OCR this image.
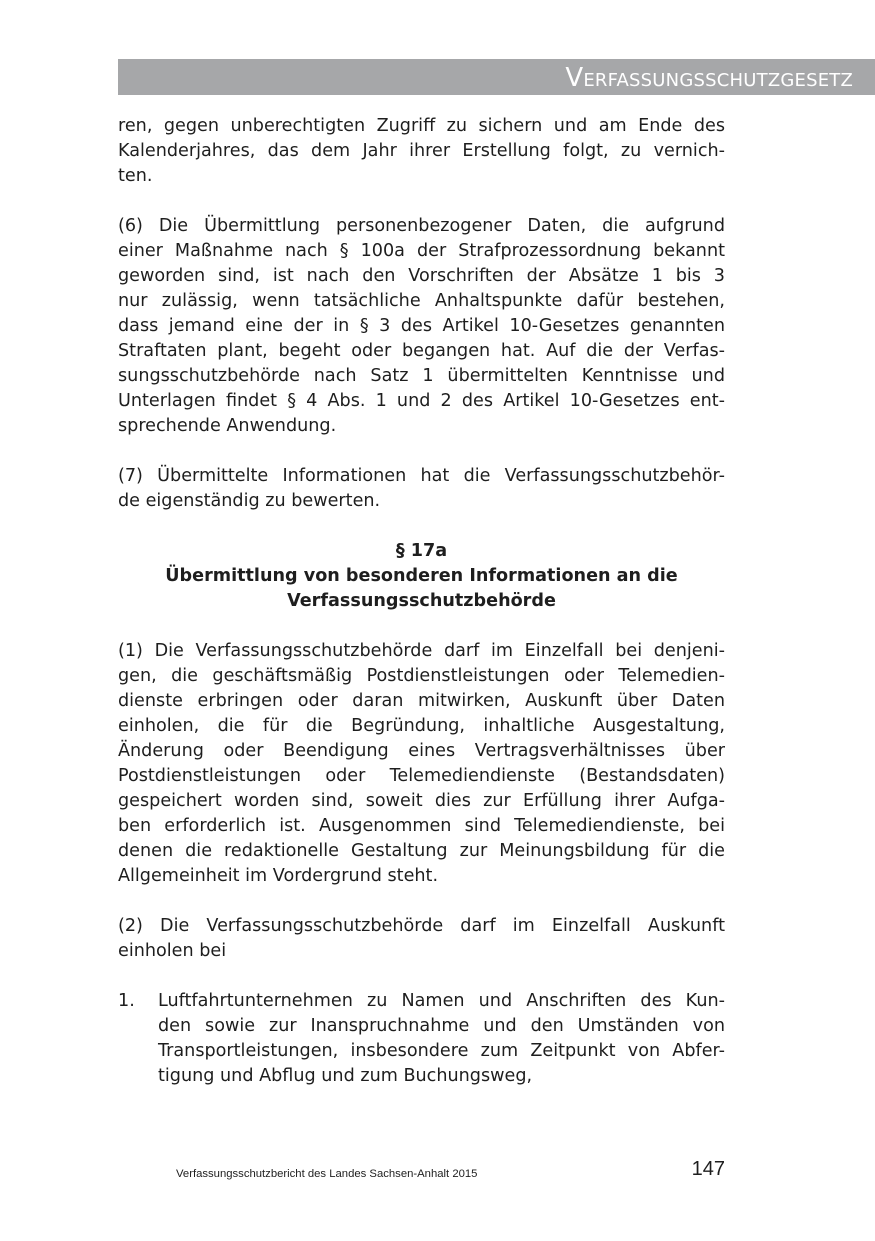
Verfassungsschutzgesetz
ren, gegen unberechtigten Zugriff zu sichern und am Ende des
Kalenderjahres, das dem Jahr ihrer Erstellung folgt, zu vernich-
ten.
(6) Die Übermittlung personenbezogener Daten, die aufgrund
einer Maßnahme nach § 100a der Strafprozessordnung bekannt
geworden sind, ist nach den Vorschriften der Absätze 1 bis 3
nur zulässig, wenn tatsächliche Anhaltspunkte dafür bestehen,
dass jemand eine der in § 3 des Artikel 10-Gesetzes genannten
Straftaten plant, begeht oder begangen hat. Auf die der Verfas-
sungsschutzbehörde nach Satz 1 übermittelten Kenntnisse und
Unterlagen findet § 4 Abs. 1 und 2 des Artikel 10-Gesetzes ent-
sprechende Anwendung.
(7) Übermittelte Informationen hat die Verfassungsschutzbehör-
de eigenständig zu bewerten.
§ 17a
Übermittlung von besonderen Informationen an die
Verfassungsschutzbehörde
(1) Die Verfassungsschutzbehörde darf im Einzelfall bei denjeni-
gen, die geschäftsmäßig Postdienstleistungen oder Telemedien-
dienste erbringen oder daran mitwirken, Auskunft über Daten
einholen, die für die Begründung, inhaltliche Ausgestaltung,
Änderung oder Beendigung eines Vertragsverhältnisses über
Postdienstleistungen oder Telemediendienste (Bestandsdaten)
gespeichert worden sind, soweit dies zur Erfüllung ihrer Aufga-
ben erforderlich ist. Ausgenommen sind Telemediendienste, bei
denen die redaktionelle Gestaltung zur Meinungsbildung für die
Allgemeinheit im Vordergrund steht.
(2) Die Verfassungsschutzbehörde darf im Einzelfall Auskunft
einholen bei
1.	Luftfahrtunternehmen zu Namen und Anschriften des Kun-
den sowie zur Inanspruchnahme und den Umständen von
Transportleistungen, insbesondere zum Zeitpunkt von Abfer-
tigung und Abflug und zum Buchungsweg,
Verfassungsschutzbericht des Landes Sachsen-Anhalt 2015	147
